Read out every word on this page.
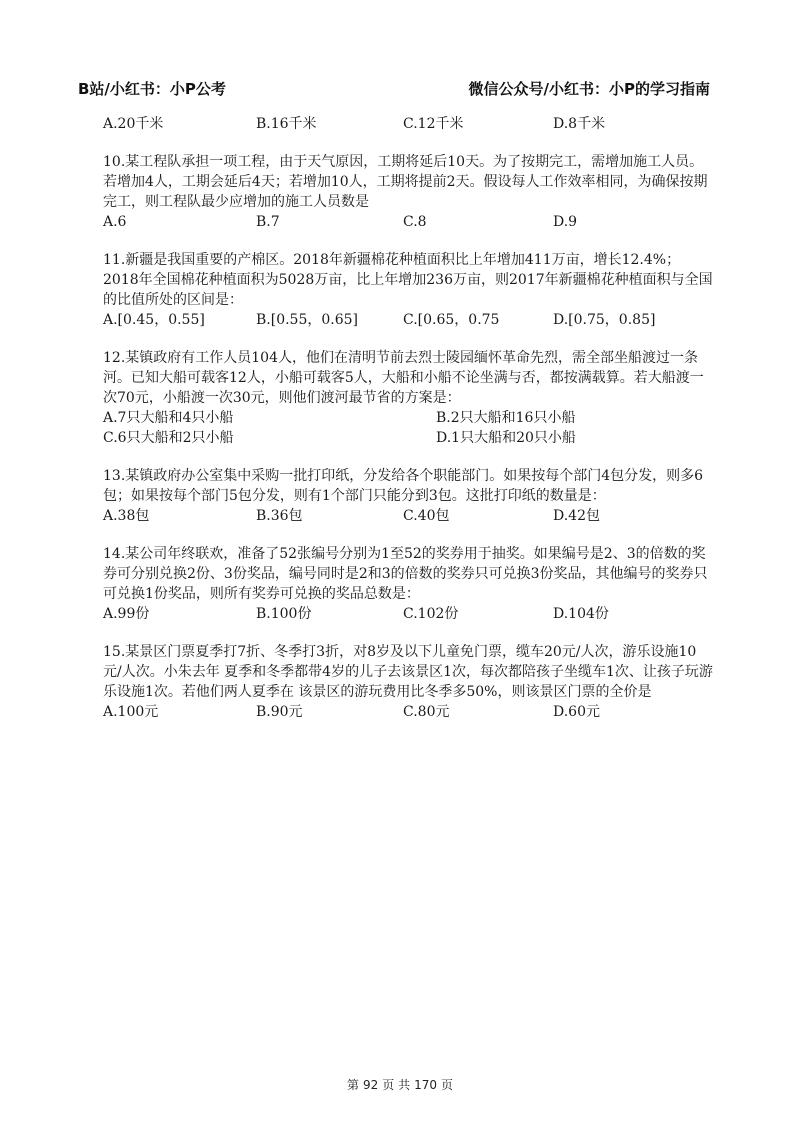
B站/小红书：小P公考	微信公众号/小红书：小P的学习指南
A.20千米	B.16千米	C.12千米	D.8千米
10.某工程队承担一项工程，由于天气原因，工期将延后10天。为了按期完工，需增加施工人员。若增加4人，工期会延后4天；若增加10人，工期将提前2天。假设每人工作效率相同，为确保按期完工，则工程队最少应增加的施工人员数是
A.6	B.7	C.8	D.9
11.新疆是我国重要的产棉区。2018年新疆棉花种植面积比上年增加411万亩，增长12.4%；2018年全国棉花种植面积为5028万亩，比上年增加236万亩，则2017年新疆棉花种植面积与全国的比值所处的区间是：
A.[0.45，0.55]	B.[0.55，0.65]	C.[0.65，0.75	D.[0.75，0.85]
12.某镇政府有工作人员104人，他们在清明节前去烈士陵园缅怀革命先烈，需全部坐船渡过一条河。已知大船可载客12人，小船可载客5人，大船和小船不论坐满与否，都按满载算。若大船渡一次70元，小船渡一次30元，则他们渡河最节省的方案是：
A.7只大船和4只小船	B.2只大船和16只小船
C.6只大船和2只小船	D.1只大船和20只小船
13.某镇政府办公室集中采购一批打印纸，分发给各个职能部门。如果按每个部门4包分发，则多6包；如果按每个部门5包分发，则有1个部门只能分到3包。这批打印纸的数量是：
A.38包	B.36包	C.40包	D.42包
14.某公司年终联欢，准备了52张编号分别为1至52的奖券用于抽奖。如果编号是2、3的倍数的奖券可分别兑换2份、3份奖品，编号同时是2和3的倍数的奖券只可兑换3份奖品，其他编号的奖券只可兑换1份奖品，则所有奖券可兑换的奖品总数是：
A.99份	B.100份	C.102份	D.104份
15.某景区门票夏季打7折、冬季打3折，对8岁及以下儿童免门票，缆车20元/人次，游乐设施10元/人次。小朱去年 夏季和冬季都带4岁的儿子去该景区1次，每次都陪孩子坐缆车1次、让孩子玩游乐设施1次。若他们两人夏季在 该景区的游玩费用比冬季多50%，则该景区门票的全价是
A.100元	B.90元	C.80元	D.60元
第 92 页 共 170 页
